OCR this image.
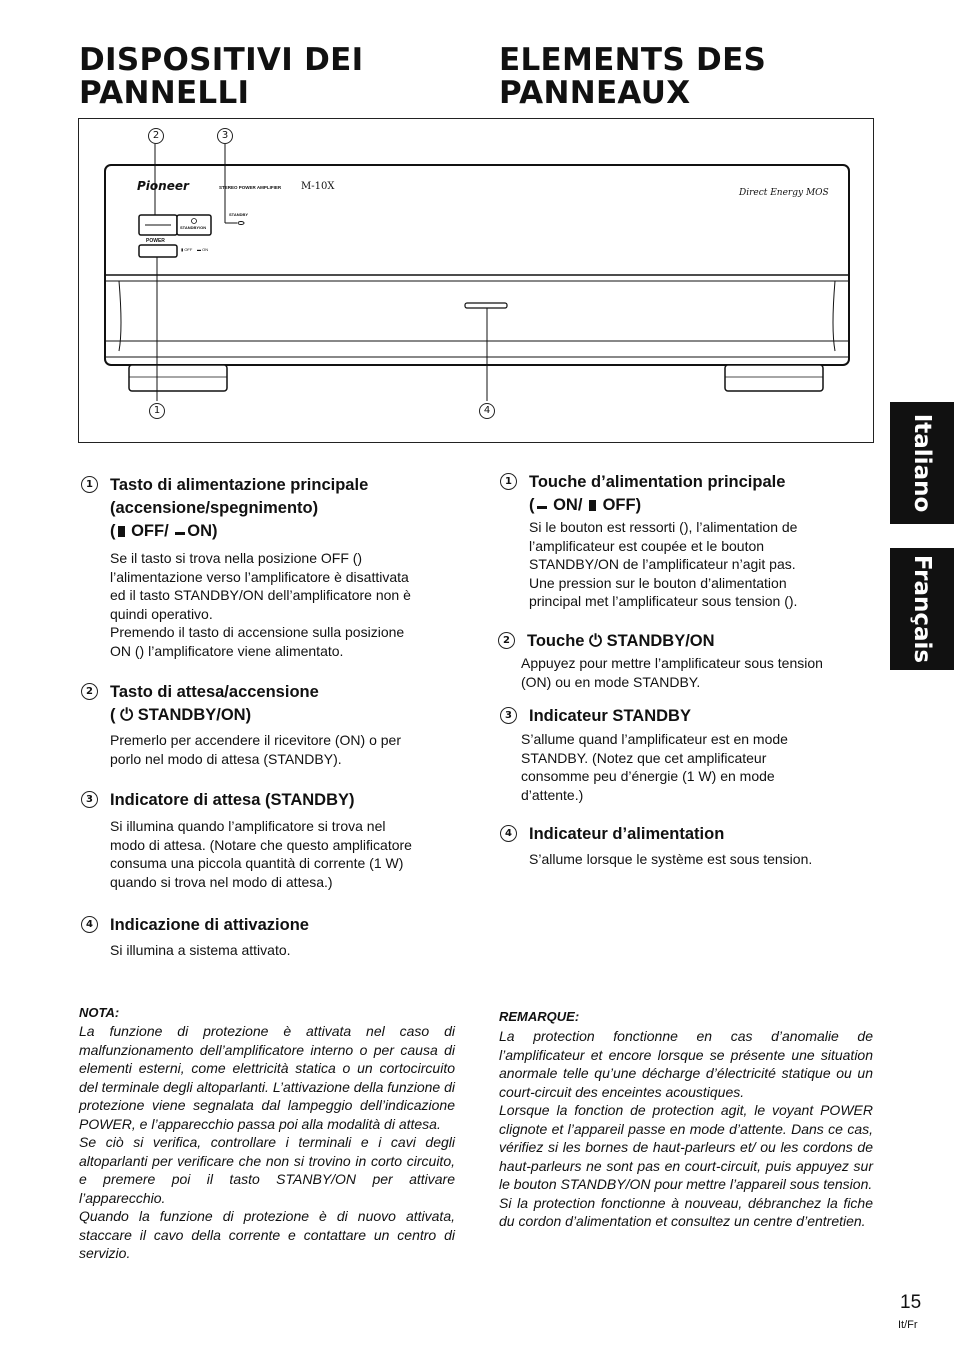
DISPOSITIVI DEI
PANNELLI
ELEMENTS DES
PANNEAUX
Pioneer	STEREO POWER AMPLIFIER M-10X
Direct Energy MOS
STANDBY
STANDBY/ON
POWER
▮ OFF ▬ ON
2	3
1	4
1	Tasto di alimentazione principale
(accensione/spegnimento)
( OFF/ ON)
Se il tasto si trova nella posizione OFF ()
l’alimentazione verso l’amplificatore è disattivata
ed il tasto STANDBY/ON dell’amplificatore non è
quindi operativo.
Premendo il tasto di accensione sulla posizione
ON () l’amplificatore viene alimentato.
2	Tasto di attesa/accensione
( ⏻ STANDBY/ON)
Premerlo per accendere il ricevitore (ON) o per
porlo nel modo di attesa (STANDBY).
3	Indicatore di attesa (STANDBY)
Si illumina quando l’amplificatore si trova nel
modo di attesa. (Notare che questo amplificatore
consuma una piccola quantità di corrente (1 W)
quando si trova nel modo di attesa.)
4	Indicazione di attivazione
Si illumina a sistema attivato.
1	Touche d’alimentation principale
( ON/  OFF)
Si le bouton est ressorti (), l’alimentation de
l’amplificateur est coupée et le bouton
STANDBY/ON de l’amplificateur n’agit pas.
Une pression sur le bouton d’alimentation
principal met l’amplificateur sous tension ().
2	Touche ⏻ STANDBY/ON
Appuyez pour mettre l’amplificateur sous tension
(ON) ou en mode STANDBY.
3	Indicateur STANDBY
S’allume quand l’amplificateur est en mode
STANDBY. (Notez que cet amplificateur
consomme peu d’énergie (1 W) en mode
d’attente.)
4	Indicateur d’alimentation
S’allume lorsque le système est sous tension.
NOTA:
La funzione di protezione è attivata nel caso di malfunzionamento dell’amplificatore interno o per causa di elementi esterni, come elettricità statica o un cortocircuito del terminale degli altoparlanti. L’attivazione della funzione di protezione viene segnalata dal lampeggio dell’indicazione POWER, e l’apparecchio passa poi alla modalità di attesa.
Se ciò si verifica, controllare i terminali e i cavi degli altoparlanti per verificare che non si trovino in corto circuito, e premere poi il tasto STANBY/ON per attivare l’apparecchio.
Quando la funzione di protezione è di nuovo attivata, staccare il cavo della corrente e contattare un centro di servizio.
REMARQUE:
La protection fonctionne en cas d’anomalie de l’amplificateur et encore lorsque se présente une situation anormale telle qu’une décharge d’électricité statique ou un court-circuit des enceintes acoustiques.
Lorsque la fonction de protection agit, le voyant POWER clignote et l’appareil passe en mode d’attente. Dans ce cas, vérifiez si les bornes de haut-parleurs et/ ou les cordons de haut-parleurs ne sont pas en court-circuit, puis appuyez sur le bouton STANDBY/ON pour mettre l’appareil sous tension.
Si la protection fonctionne à nouveau, débranchez la fiche du cordon d’alimentation et consultez un centre d’entretien.
Italiano
Français
15
It/Fr
